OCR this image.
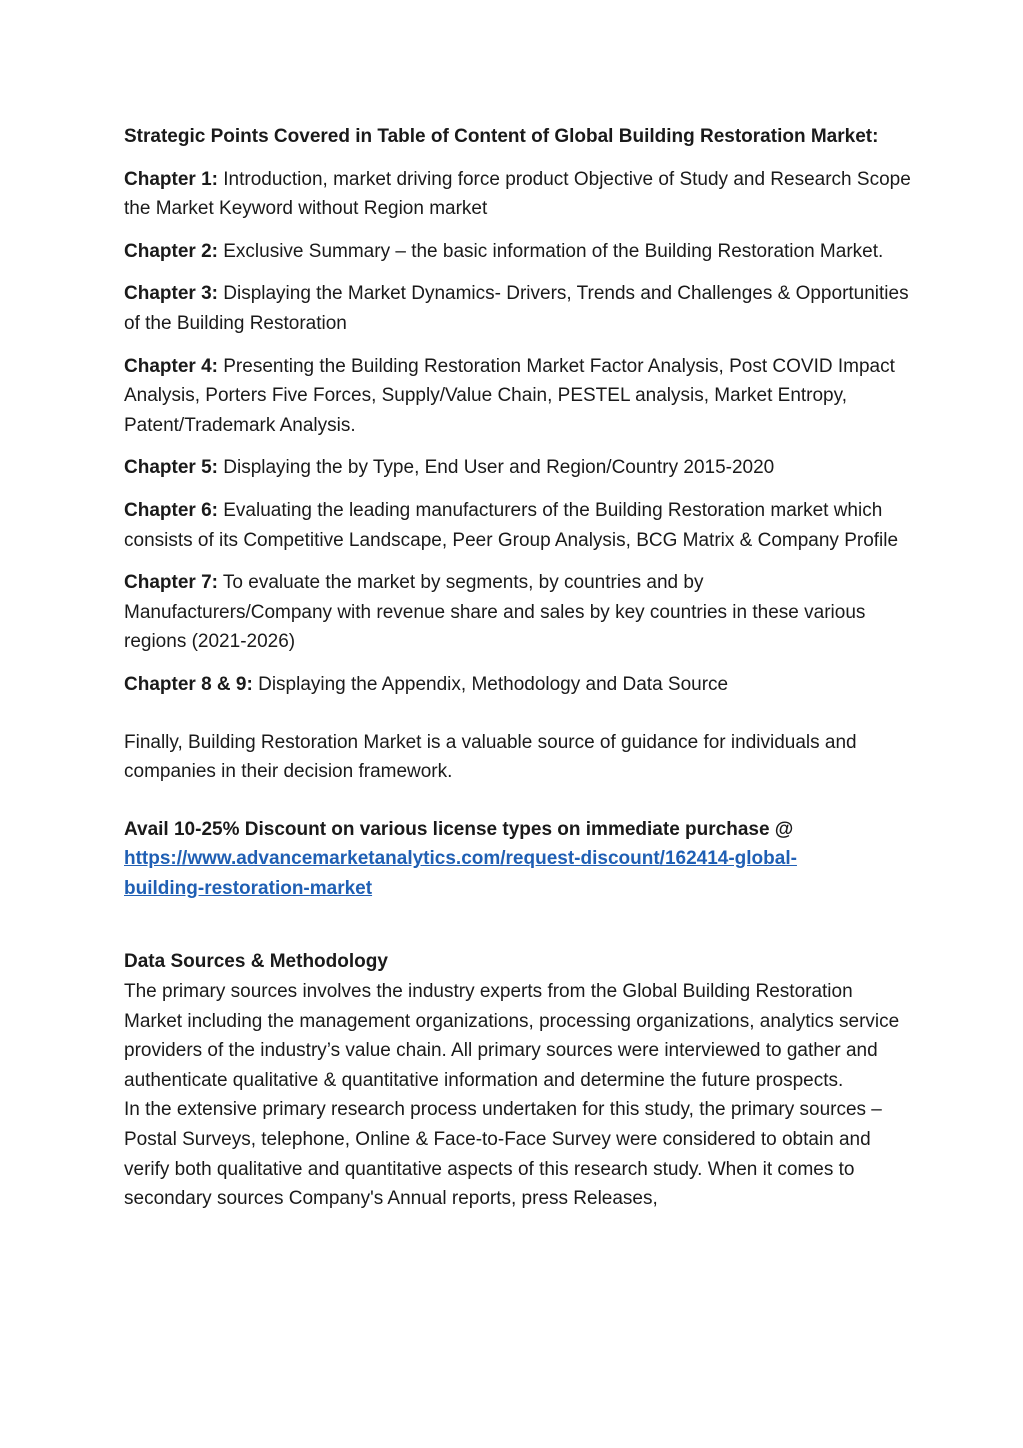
Strategic Points Covered in Table of Content of Global Building Restoration Market:
Chapter 1: Introduction, market driving force product Objective of Study and Research Scope the Market Keyword without Region market
Chapter 2: Exclusive Summary – the basic information of the Building Restoration Market.
Chapter 3: Displaying the Market Dynamics- Drivers, Trends and Challenges & Opportunities of the Building Restoration
Chapter 4: Presenting the Building Restoration Market Factor Analysis, Post COVID Impact Analysis, Porters Five Forces, Supply/Value Chain, PESTEL analysis, Market Entropy, Patent/Trademark Analysis.
Chapter 5: Displaying the by Type, End User and Region/Country 2015-2020
Chapter 6: Evaluating the leading manufacturers of the Building Restoration market which consists of its Competitive Landscape, Peer Group Analysis, BCG Matrix & Company Profile
Chapter 7: To evaluate the market by segments, by countries and by Manufacturers/Company with revenue share and sales by key countries in these various regions (2021-2026)
Chapter 8 & 9: Displaying the Appendix, Methodology and Data Source
Finally, Building Restoration Market is a valuable source of guidance for individuals and companies in their decision framework.
Avail 10-25% Discount on various license types on immediate purchase @
https://www.advancemarketanalytics.com/request-discount/162414-global-
building-restoration-market
Data Sources & Methodology
The primary sources involves the industry experts from the Global Building Restoration Market including the management organizations, processing organizations, analytics service providers of the industry’s value chain. All primary sources were interviewed to gather and authenticate qualitative & quantitative information and determine the future prospects.
In the extensive primary research process undertaken for this study, the primary sources – Postal Surveys, telephone, Online & Face-to-Face Survey were considered to obtain and verify both qualitative and quantitative aspects of this research study. When it comes to secondary sources Company's Annual reports, press Releases,
